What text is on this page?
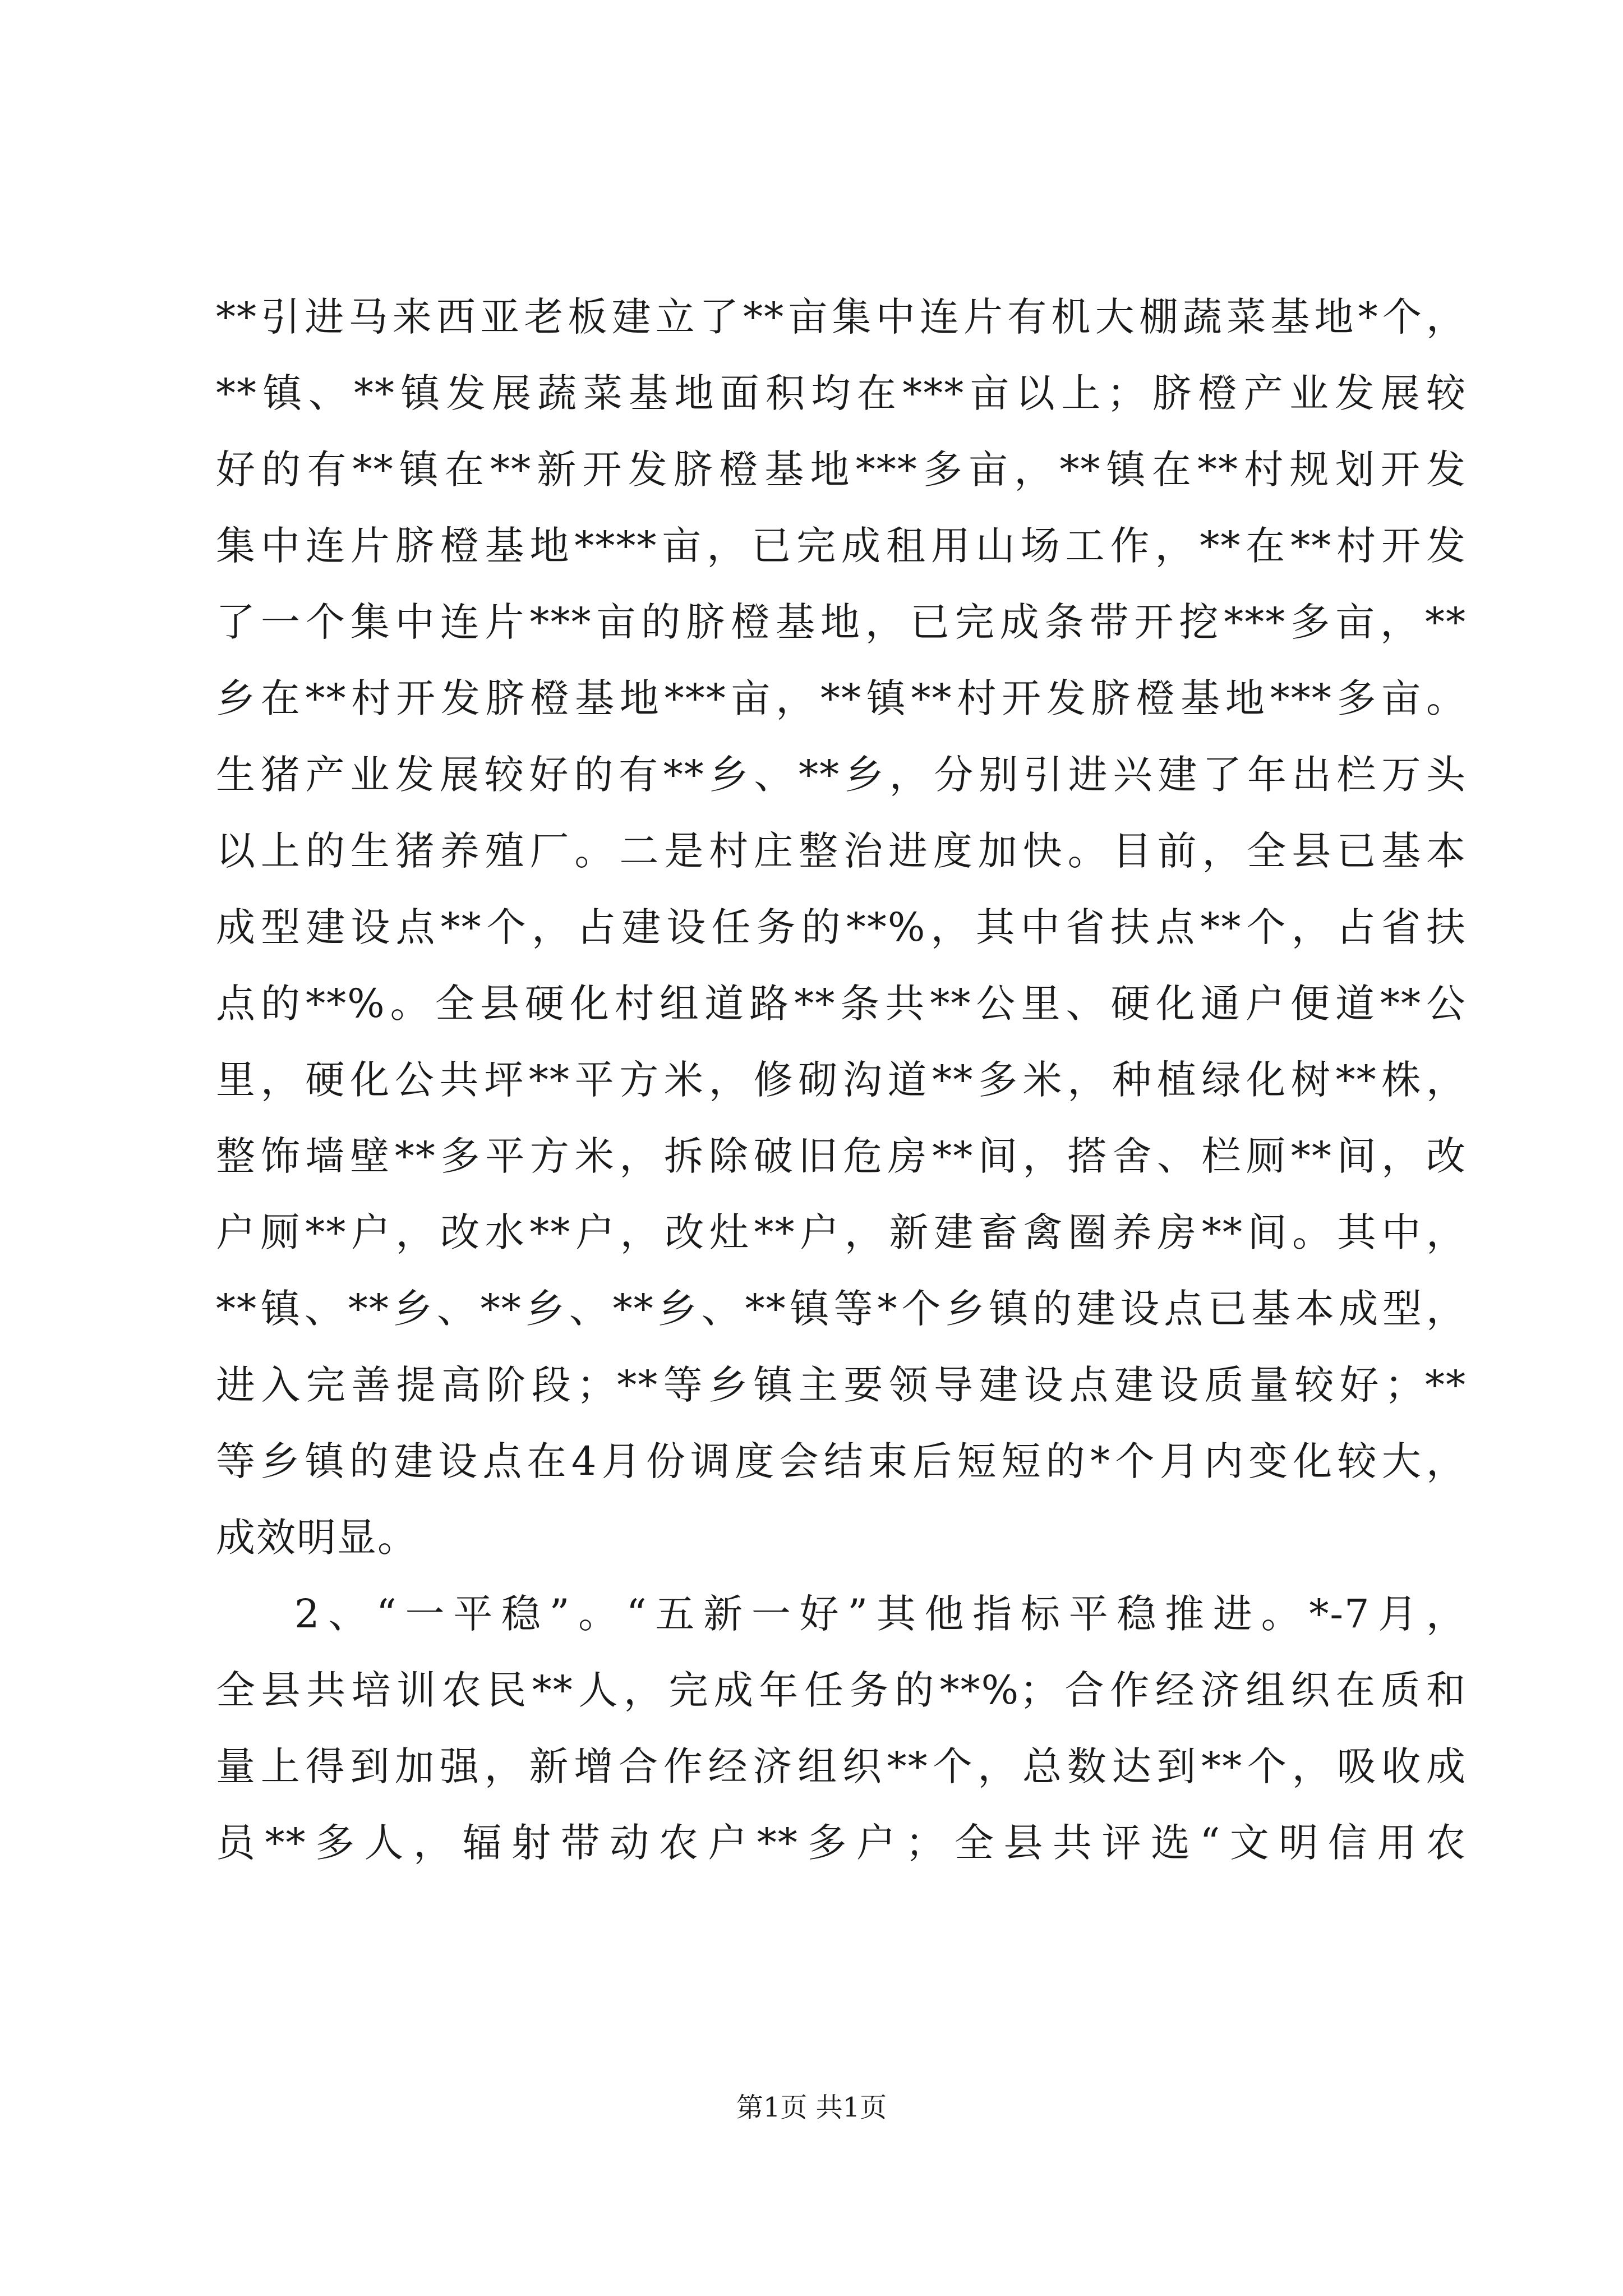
**引进马来西亚老板建立了**亩集中连片有机大棚蔬菜基地*个，

**镇、**镇发展蔬菜基地面积均在***亩以上；脐橙产业发展较

好的有**镇在**新开发脐橙基地***多亩，**镇在**村规划开发

集中连片脐橙基地****亩，已完成租用山场工作，**在**村开发

了一个集中连片***亩的脐橙基地，已完成条带开挖***多亩，**

乡在**村开发脐橙基地***亩，**镇**村开发脐橙基地***多亩。

生猪产业发展较好的有**乡、**乡，分别引进兴建了年出栏万头

以上的生猪养殖厂。二是村庄整治进度加快。目前，全县已基本

成型建设点**个，占建设任务的**%，其中省扶点**个，占省扶

点的**%。全县硬化村组道路**条共**公里、硬化通户便道**公

里，硬化公共坪**平方米，修砌沟道**多米，种植绿化树**株，

整饰墙壁**多平方米，拆除破旧危房**间，搭舍、栏厕**间，改

户厕**户，改水**户，改灶**户，新建畜禽圈养房**间。其中，

**镇、**乡、**乡、**乡、**镇等*个乡镇的建设点已基本成型，

进入完善提高阶段；**等乡镇主要领导建设点建设质量较好；**

等乡镇的建设点在4月份调度会结束后短短的*个月内变化较大，

成效明显。

2、“一平稳”。“五新一好”其他指标平稳推进。*-7月，

全县共培训农民**人，完成年任务的**%；合作经济组织在质和

量上得到加强，新增合作经济组织**个，总数达到**个，吸收成

员**多人，辐射带动农户**多户；全县共评选“文明信用农

第1页 共1页
